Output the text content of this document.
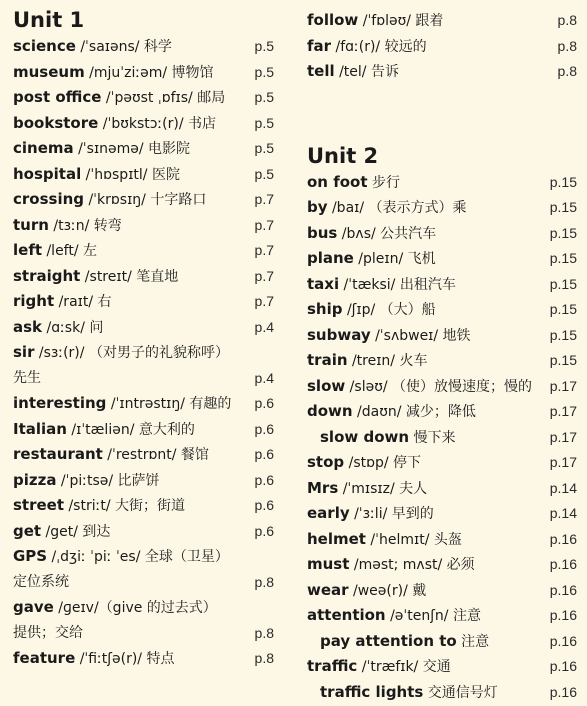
Unit 1
science /ˈsaɪəns/ 科学	p.5
museum /mjuˈziːəm/ 博物馆	p.5
post office /ˈpəʊst ˌɒfɪs/ 邮局 p.5
bookstore /ˈbʊkstɔː(r)/ 书店	p.5
cinema /ˈsɪnəmə/ 电影院	p.5
hospital /ˈhɒspɪtl/ 医院	p.5
crossing /ˈkrɒsɪŋ/ 十字路口	p.7
turn /tɜːn/ 转弯	p.7
left /left/ 左	p.7
straight /streɪt/ 笔直地	p.7
right /raɪt/ 右	p.7
ask /ɑːsk/ 问	p.4
sir /sɜː(r)/ （对男子的礼貌称呼）
先生	p.4
interesting /ˈɪntrəstɪŋ/ 有趣的 p.6
Italian /ɪˈtæliən/ 意大利的	p.6
restaurant /ˈrestrɒnt/ 餐馆	p.6
pizza /ˈpiːtsə/ 比萨饼	p.6
street /striːt/ 大街；街道	p.6
get /get/ 到达	p.6
GPS /ˌdʒiː ˈpiː ˈes/ 全球（卫星）
定位系统	p.8
gave /ɡeɪv/（give 的过去式）
提供；交给	p.8
feature /ˈfiːtʃə(r)/ 特点	p.8
follow /ˈfɒləʊ/ 跟着	p.8
far /fɑː(r)/ 较远的	p.8
tell /tel/ 告诉	p.8
Unit 2
on foot 步行	p.15
by /baɪ/ （表示方式）乘	p.15
bus /bʌs/ 公共汽车	p.15
plane /pleɪn/ 飞机	p.15
taxi /ˈtæksi/ 出租汽车	p.15
ship /ʃɪp/ （大）船	p.15
subway /ˈsʌbweɪ/ 地铁	p.15
train /treɪn/ 火车	p.15
slow /sləʊ/ （使）放慢速度；慢的 p.17
down /daʊn/ 减少；降低	p.17
slow down 慢下来	p.17
stop /stɒp/ 停下	p.17
Mrs /ˈmɪsɪz/ 夫人	p.14
early /ˈɜːli/ 早到的	p.14
helmet /ˈhelmɪt/ 头盔	p.16
must /məst; mʌst/ 必须	p.16
wear /weə(r)/ 戴	p.16
attention /əˈtenʃn/ 注意	p.16
pay attention to 注意	p.16
traffic /ˈtræfɪk/ 交通	p.16
traffic lights 交通信号灯	p.16
